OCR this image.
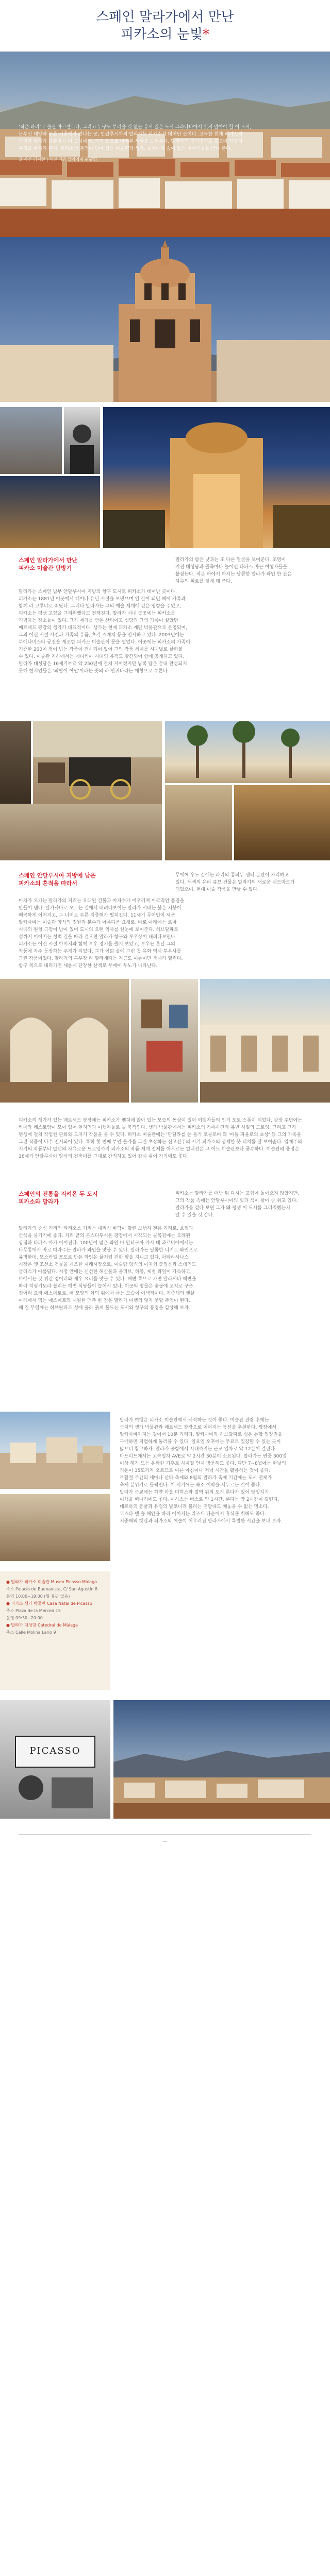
스페인 말라가에서 만난
피카소의 눈빛*
‘작은 파리’로 불린 바르셀로나, 그리고 누구도 부러울 것 없는 유서 깊은 도시 그라나다에서 잊지 말아야 할 이 도시,
눈부신 태양과 푸른 지중해가 만나는 곳, 안달루시아의 말라가는 피카소가 태어난 곳이다. 고독한 천재 피카소의
과거와 현재가 공존하는 이 도시에서, 그의 눈으로 바라본 세상을 느껴본다. 말라가의 구석구석을 걸으며 거장의
흔적을 따라가 본다. 피카소의 흔적이 남아 있는 미술관과 생가, 골목마다 숨어 있는 이야기들을 만나 본다.
글·사진 김지현 | 사진 제공 말라가시 관광청
스페인 말라가에서 만난
피카소 미술관 탐방기
말라가의 밤은 낮과는 또 다른 얼굴을 보여준다. 조명이
켜진 대성당과 골목마다 늘어선 타파스 바는 여행자들을
붙잡는다. 작은 바에서 마시는 달콤한 말라가 와인 한 잔은
하루의 피로를 잊게 해 준다.
말라가는 스페인 남부 안달루시아 지방의 항구 도시로 피카소가 태어난 곳이다.
피카소는 1881년 이곳에서 태어나 유년 시절을 보냈으며 열 살이 되던 해에 가족과
함께 라 코루냐로 떠났다. 그러나 말라가는 그의 예술 세계에 깊은 영향을 주었고,
피카소는 평생 고향을 그리워했다고 전해진다. 말라가 시내 곳곳에는 피카소를
기념하는 장소들이 있다. 그가 세례를 받은 산티아고 성당과 그의 가족이 살았던
메르세드 광장의 생가가 대표적이다. 생가는 현재 피카소 재단 박물관으로 운영되며,
그의 어린 시절 사진과 가족의 유품, 초기 스케치 등을 전시하고 있다. 2003년에는
부에나비스타 궁전을 개조한 피카소 미술관이 문을 열었다. 이곳에는 피카소의 가족이
기증한 200여 점이 넘는 작품이 전시되어 있어 그의 작품 세계를 시대별로 살펴볼
수 있다. 미술관 지하에서는 페니키아 시대의 유적도 발견되어 함께 공개하고 있다.
말라가 대성당은 16세기부터 약 250년에 걸쳐 지어졌지만 남쪽 탑은 끝내 완성되지
못해 현지인들은 '외팔이 여인'이라는 뜻의 라 만퀴타라는 애칭으로 부른다.
스페인 안달루시아 지방에 남은
피카소의 흔적을 따라서
무에예 우노 끝에는 파리의 퐁피두 센터 분관이 자리하고
있다. 색색의 유리 큐브 건물은 말라가의 새로운 랜드마크가
되었으며, 현대 미술 작품을 만날 수 있다.
마차가 오가는 말라가의 거리는 오래된 건물과 야자수가 어우러져 이국적인 풍경을
만들어 낸다. 알카사바로 오르는 길에서 내려다보이는 말라가 시내는 붉은 지붕이
빼곡하게 이어지고, 그 너머로 푸른 지중해가 펼쳐진다. 11세기 무어인이 세운
알카사바는 이슬람 양식의 정원과 분수가 아름다운 요새로, 바로 아래에는 로마
시대의 원형 극장이 남아 있어 도시의 오랜 역사를 한눈에 보여준다. 히브랄파로
성까지 이어지는 성벽 길을 따라 걸으면 말라가 항구와 투우장이 내려다보인다.
피카소는 어린 시절 아버지와 함께 투우 경기를 즐겨 보았고, 투우는 훗날 그의
작품에 자주 등장하는 주제가 되었다. 그가 여덟 살에 그린 첫 유화 역시 투우사를
그린 작품이었다. 말라가의 투우장 라 말라게타는 지금도 여름이면 축제가 열린다.
항구 쪽으로 내려가면 새롭게 단장한 산책로 무에예 우노가 나타난다.
피카소의 생가가 있는 메르세드 광장에는 피카소가 벤치에 앉아 있는 모습의 동상이 있어 여행자들의 인기 포토 스폿이 되었다. 광장 주변에는
카페와 레스토랑이 모여 있어 현지인과 여행자들로 늘 북적인다. 생가 박물관에서는 피카소의 가족사진과 유년 시절의 드로잉, 그리고 그가
평생에 걸쳐 작업한 판화와 도자기 작품을 볼 수 있다. 피카소 미술관에는 '만틸라를 쓴 올가 코클로바'와 '아들 파울로의 초상' 등 그의 가족을
그린 작품이 다수 전시되어 있다. 특히 첫 번째 부인 올가를 그린 초상화는 신고전주의 시기 피카소의 섬세한 붓 터치를 잘 보여준다. 입체주의
시기의 작품부터 말년의 자유로운 드로잉까지 피카소의 작품 세계 전체를 아우르는 컬렉션은 그 어느 미술관보다 풍부하다. 미술관의 중정은
16세기 안달루시아 양식의 건축미를 그대로 간직하고 있어 잠시 쉬어 가기에도 좋다.
스페인의 전통을 지켜온 두 도시
피카소와 말라가
피카소는 말라가를 떠난 뒤 다시는 고향에 돌아오지 않았지만,
그의 작품 속에는 안달루시아의 빛과 색이 살아 숨 쉬고 있다.
말라가를 걷다 보면 그가 왜 평생 이 도시를 그리워했는지
알 수 있을 것 같다.
말라가의 중심 거리인 라리오스 거리는 대리석 바닥이 깔린 보행자 전용 거리로, 쇼핑과
산책을 즐기기에 좋다. 거리 끝의 콘스티투시온 광장에서 시작되는 골목길에는 오래된
상점과 타파스 바가 이어진다. 100년이 넘은 와인 바 안티구아 카사 데 과르디아에서는
나무통에서 바로 따라주는 말라가 와인을 맛볼 수 있다. 말라가는 달콤한 디저트 와인으로
유명한데, 모스카텔 포도로 만든 와인은 꿀처럼 진한 향을 지니고 있다. 아타라사나스
시장은 옛 조선소 건물을 개조한 재래시장으로, 이슬람 양식의 아치형 출입문과 스테인드
글라스가 아름답다. 시장 안에는 신선한 해산물과 올리브, 하몽, 제철 과일이 가득하고,
바에서는 갓 튀긴 정어리와 새우 요리를 맛볼 수 있다. 해변 쪽으로 가면 말라게타 해변을
따라 치링기토라 불리는 해변 식당들이 늘어서 있다. 이곳의 명물은 숯불에 꼬치로 구운
정어리 요리 에스페토로, 배 모양의 화덕 위에서 굽는 모습이 이색적이다. 지중해의 햇살
아래에서 먹는 에스페토와 시원한 맥주 한 잔은 말라가 여행의 잊지 못할 추억이 된다.
해 질 무렵에는 히브랄파로 성에 올라 붉게 물드는 도시와 항구의 풍경을 감상해 보자.
● 말라가 피카소 미술관 Museo Picasso Málaga
주소 Palacio de Buenavista, C/ San Agustín 8
운영 10:00~19:00 (월 휴관 없음)
● 피카소 생가 박물관 Casa Natal de Picasso
주소 Plaza de la Merced 15
운영 09:30~20:00
● 말라가 대성당 Catedral de Málaga
주소 Calle Molina Lario 9
말라가 여행은 피카소 미술관에서 시작하는 것이 좋다. 미술관 관람 후에는
근처의 생가 박물관과 메르세드 광장으로 이어지는 동선을 추천한다. 광장에서
알카사바까지는 걸어서 10분 거리다. 알카사바와 히브랄파로 성은 통합 입장권을
구매하면 저렴하게 둘러볼 수 있다. 일요일 오후에는 무료로 입장할 수 있는 곳이
많으니 참고하자. 말라가 공항에서 시내까지는 근교 열차로 약 12분이 걸린다.
마드리드에서는 고속열차 AVE로 약 2시간 30분이 소요된다. 말라가는 연중 300일
이상 해가 뜨는 온화한 기후로 사계절 언제 방문해도 좋다. 다만 7~8월에는 한낮의
기온이 35도까지 오르므로 이른 아침이나 저녁 시간을 활용하는 것이 좋다.
부활절 주간의 세마나 산타 축제와 8월의 말라가 축제 기간에는 도시 전체가
축제 분위기로 들썩인다. 이 시기에는 숙소 예약을 서두르는 것이 좋다.
말라가 근교에는 하얀 마을 미하스와 절벽 위의 도시 론다가 있어 당일치기
여행을 떠나기에도 좋다. 미하스는 버스로 약 1시간, 론다는 약 2시간이 걸린다.
네르하의 동굴과 유럽의 발코니라 불리는 전망대도 빼놓을 수 없는 명소다.
코스타 델 솔 해안을 따라 이어지는 리조트 타운에서 휴식을 취해도 좋다.
지중해의 햇살과 피카소의 예술이 어우러진 말라가에서 특별한 시간을 보내 보자.
PICASSO
—
